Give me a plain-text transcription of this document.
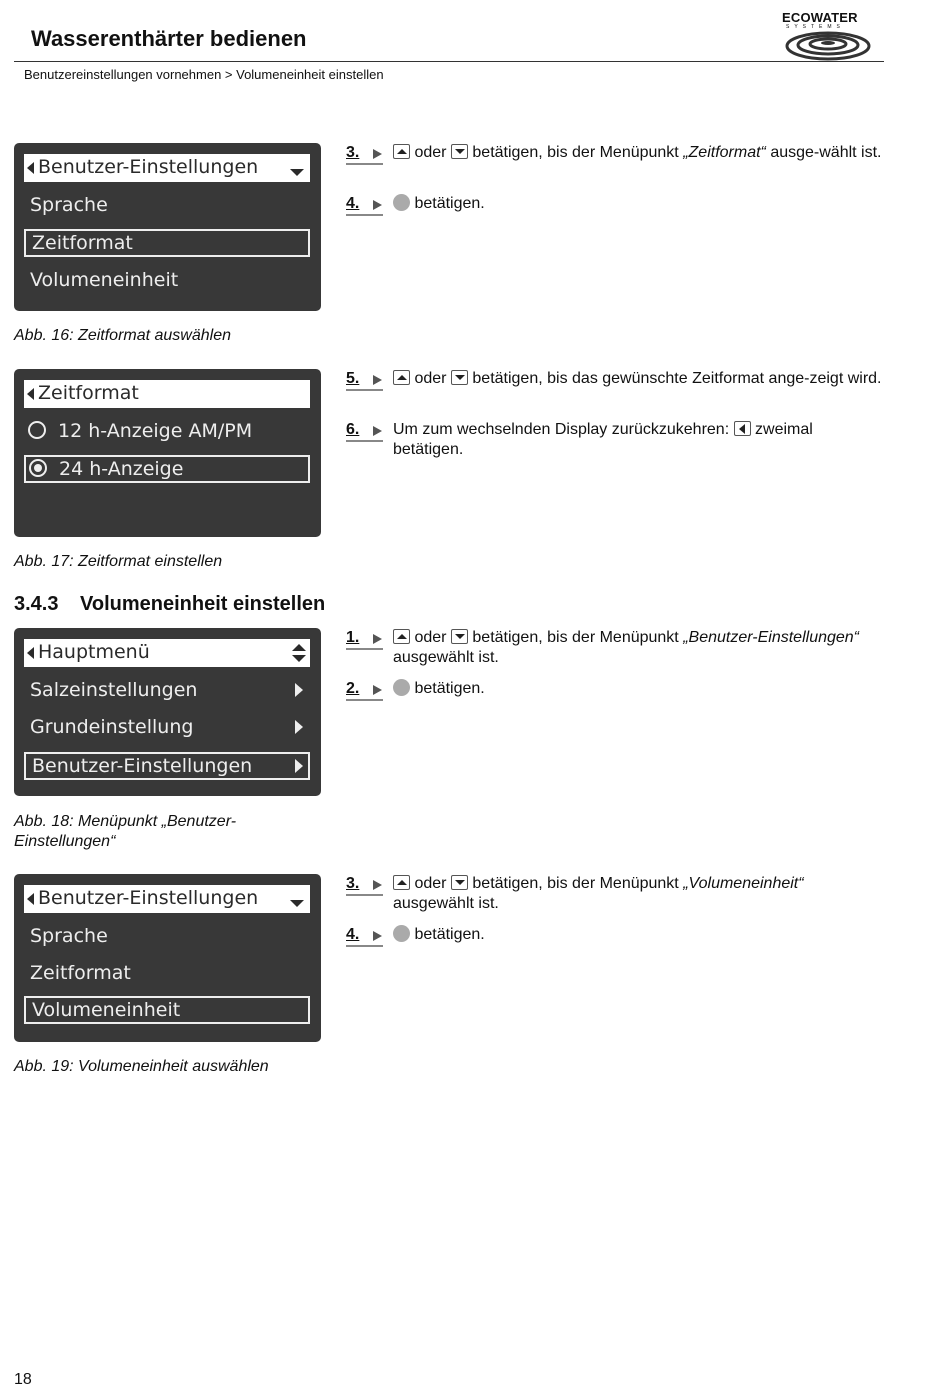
Wasserenthärter bedienen
Benutzereinstellungen vornehmen > Volumeneinheit einstellen
ECOWATER
SYSTEMS
Benutzer-Einstellungen
Sprache
Zeitformat
Volumeneinheit
Abb. 16: Zeitformat auswählen
3.	oder betätigen, bis der Menüpunkt „Zeitformat“ ausge-wählt ist.
4.	betätigen.
Zeitformat
12 h-Anzeige AM/PM
24 h-Anzeige
Abb. 17: Zeitformat einstellen
5.	oder betätigen, bis das gewünschte Zeitformat ange-zeigt wird.
6. Um zum wechselnden Display zurückzukehren: zweimal betätigen.
3.4.3 Volumeneinheit einstellen
Hauptmenü
Salzeinstellungen
Grundeinstellung
Benutzer-Einstellungen
Abb. 18: Menüpunkt „Benutzer-Einstellungen“
1.	oder betätigen, bis der Menüpunkt „Benutzer-Einstellungen“ ausgewählt ist.
2.	betätigen.
Benutzer-Einstellungen
Sprache
Zeitformat
Volumeneinheit
Abb. 19: Volumeneinheit auswählen
3.	oder betätigen, bis der Menüpunkt „Volumeneinheit“ ausgewählt ist.
4.	betätigen.
18
